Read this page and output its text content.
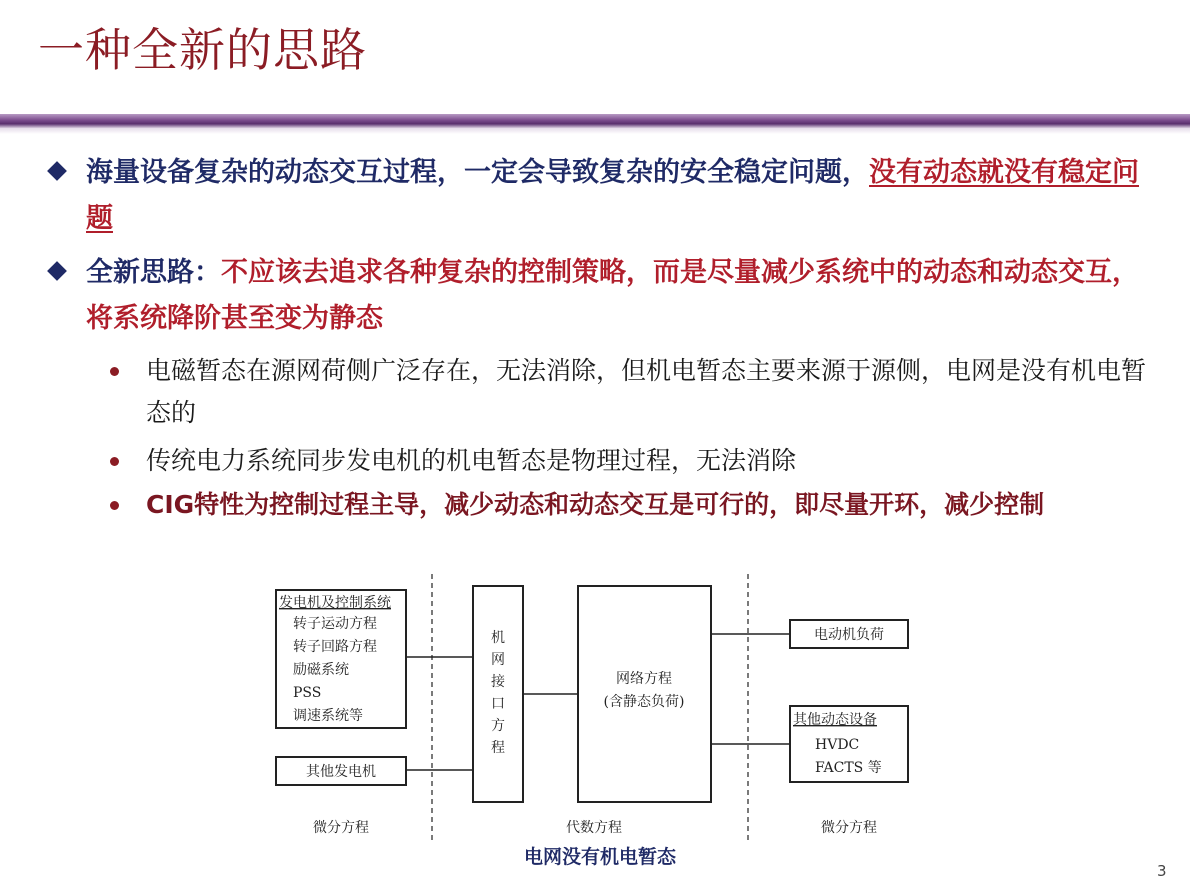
一种全新的思路
海量设备复杂的动态交互过程，一定会导致复杂的安全稳定问题，没有动态就没有稳定问题
全新思路：不应该去追求各种复杂的控制策略，而是尽量减少系统中的动态和动态交互，将系统降阶甚至变为静态
电磁暂态在源网荷侧广泛存在，无法消除，但机电暂态主要来源于源侧，电网是没有机电暂态的
传统电力系统同步发电机的机电暂态是物理过程，无法消除
CIG特性为控制过程主导，减少动态和动态交互是可行的，即尽量开环，减少控制
发电机及控制系统
转子运动方程
转子回路方程
励磁系统
PSS
调速系统等
其他发电机
机
网
接
口
方
程
网络方程
(含静态负荷)
电动机负荷
其他动态设备
HVDC
FACTS 等
微分方程	代数方程	微分方程
电网没有机电暂态
3
